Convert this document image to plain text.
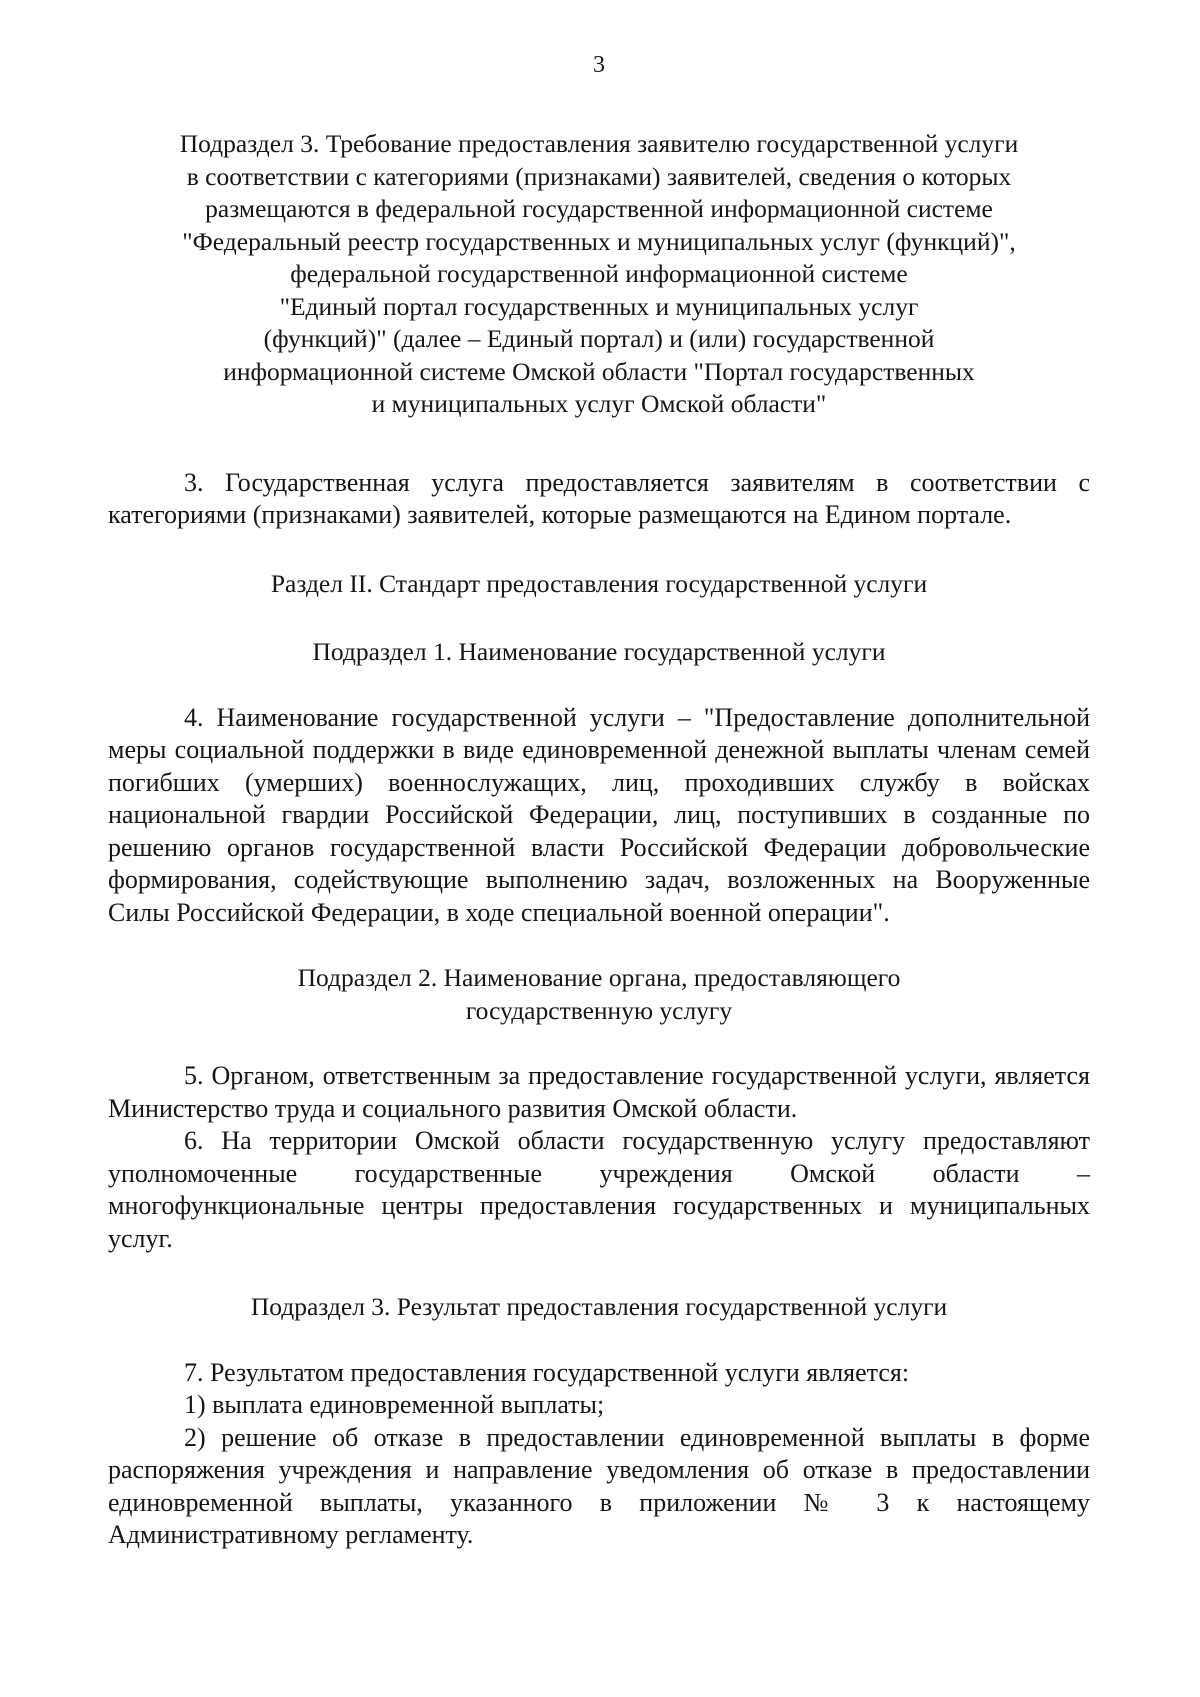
3
Подраздел 3. Требование предоставления заявителю государственной услуги
в соответствии с категориями (признаками) заявителей, сведения о которых
размещаются в федеральной государственной информационной системе
"Федеральный реестр государственных и муниципальных услуг (функций)",
федеральной государственной информационной системе
"Единый портал государственных и муниципальных услуг
(функций)" (далее – Единый портал) и (или) государственной
информационной системе Омской области "Портал государственных
и муниципальных услуг Омской области"

3. Государственная услуга предоставляется заявителям в соответствии с категориями (признаками) заявителей, которые размещаются на Едином портале.

Раздел II. Стандарт предоставления государственной услуги
Подраздел 1. Наименование государственной услуги

4. Наименование государственной услуги – "Предоставление дополнительной меры социальной поддержки в виде единовременной денежной выплаты членам семей погибших (умерших) военнослужащих, лиц, проходивших службу в войсках национальной гвардии Российской Федерации, лиц, поступивших в созданные по решению органов государственной власти Российской Федерации добровольческие формирования, содействующие выполнению задач, возложенных на Вооруженные Силы Российской Федерации, в ходе специальной военной операции".

Подраздел 2. Наименование органа, предоставляющего
государственную услугу

5. Органом, ответственным за предоставление государственной услуги, является Министерство труда и социального развития Омской области.

6. На территории Омской области государственную услугу предоставляют уполномоченные государственные учреждения Омской области – многофункциональные центры предоставления государственных и муниципальных услуг.

Подраздел 3. Результат предоставления государственной услуги

7. Результатом предоставления государственной услуги является:

1) выплата единовременной выплаты;

2) решение об отказе в предоставлении единовременной выплаты в форме распоряжения учреждения и направление уведомления об отказе в предоставлении единовременной выплаты, указанного в приложении № 3 к настоящему Административному регламенту.
